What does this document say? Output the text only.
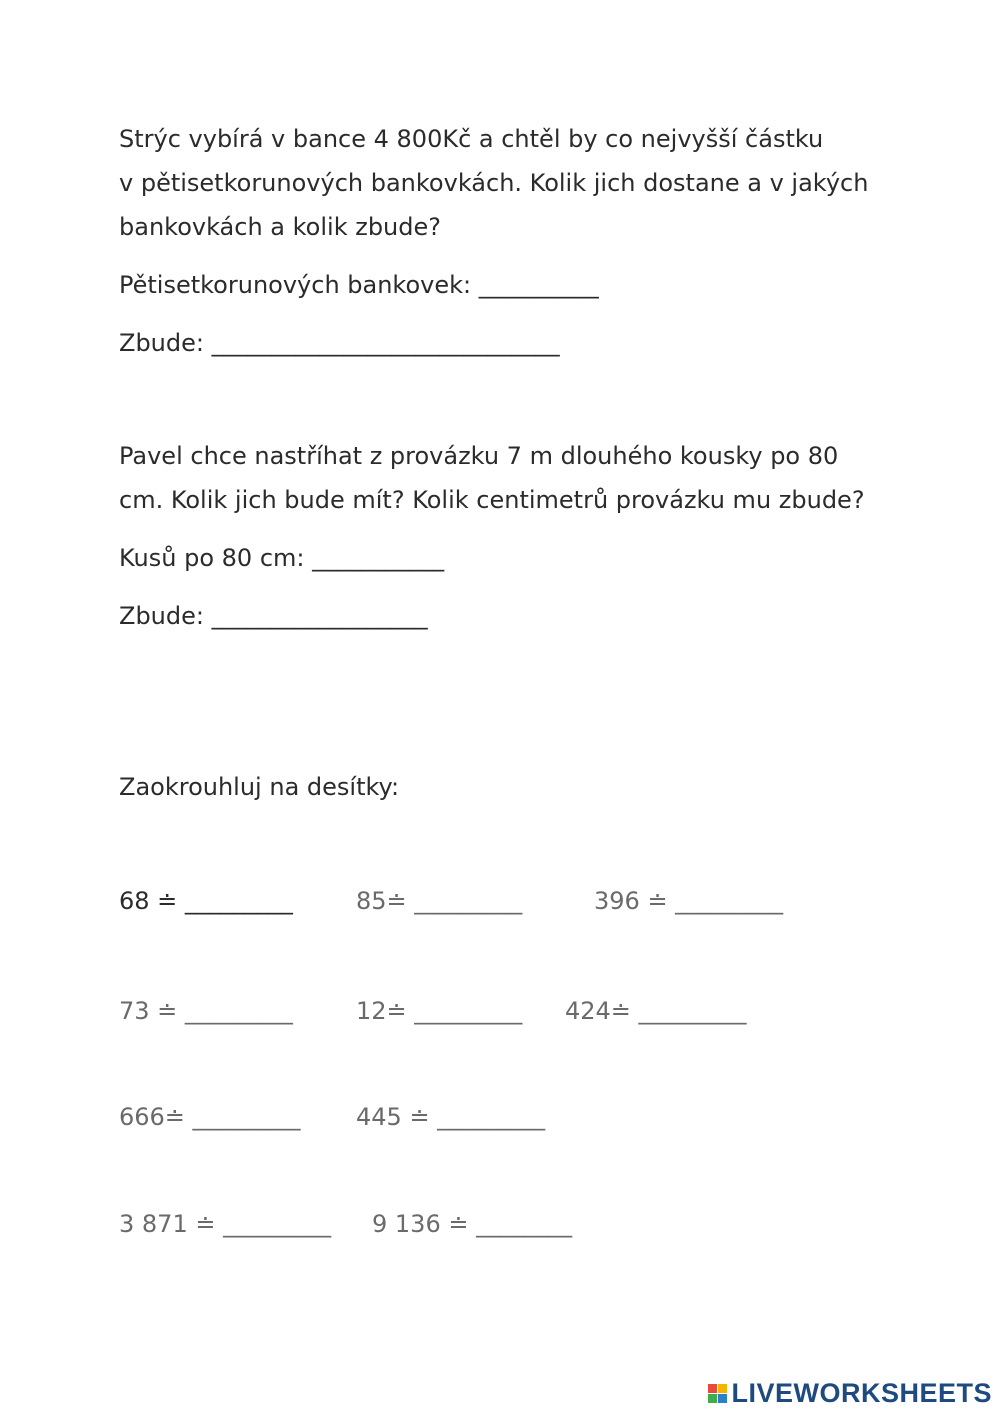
Strýc vybírá v bance 4 800Kč a chtěl by co nejvyšší částku
v pětisetkorunových bankovkách. Kolik jich dostane a v jakých
bankovkách a kolik zbude?
Pětisetkorunových bankovek: __________
Zbude: _____________________________
Pavel chce nastříhat z provázku 7 m dlouhého kousky po 80
cm. Kolik jich bude mít? Kolik centimetrů provázku mu zbude?
Kusů po 80 cm: ___________
Zbude: __________________
Zaokrouhluj na desítky:
68 ≐ _________	85≐ _________	396 ≐ _________
73 ≐ _________	12≐ _________ 424≐ _________
666≐ _________ 445 ≐ _________
3 871 ≐ _________ 9 136 ≐ ________
LIVEWORKSHEETS
